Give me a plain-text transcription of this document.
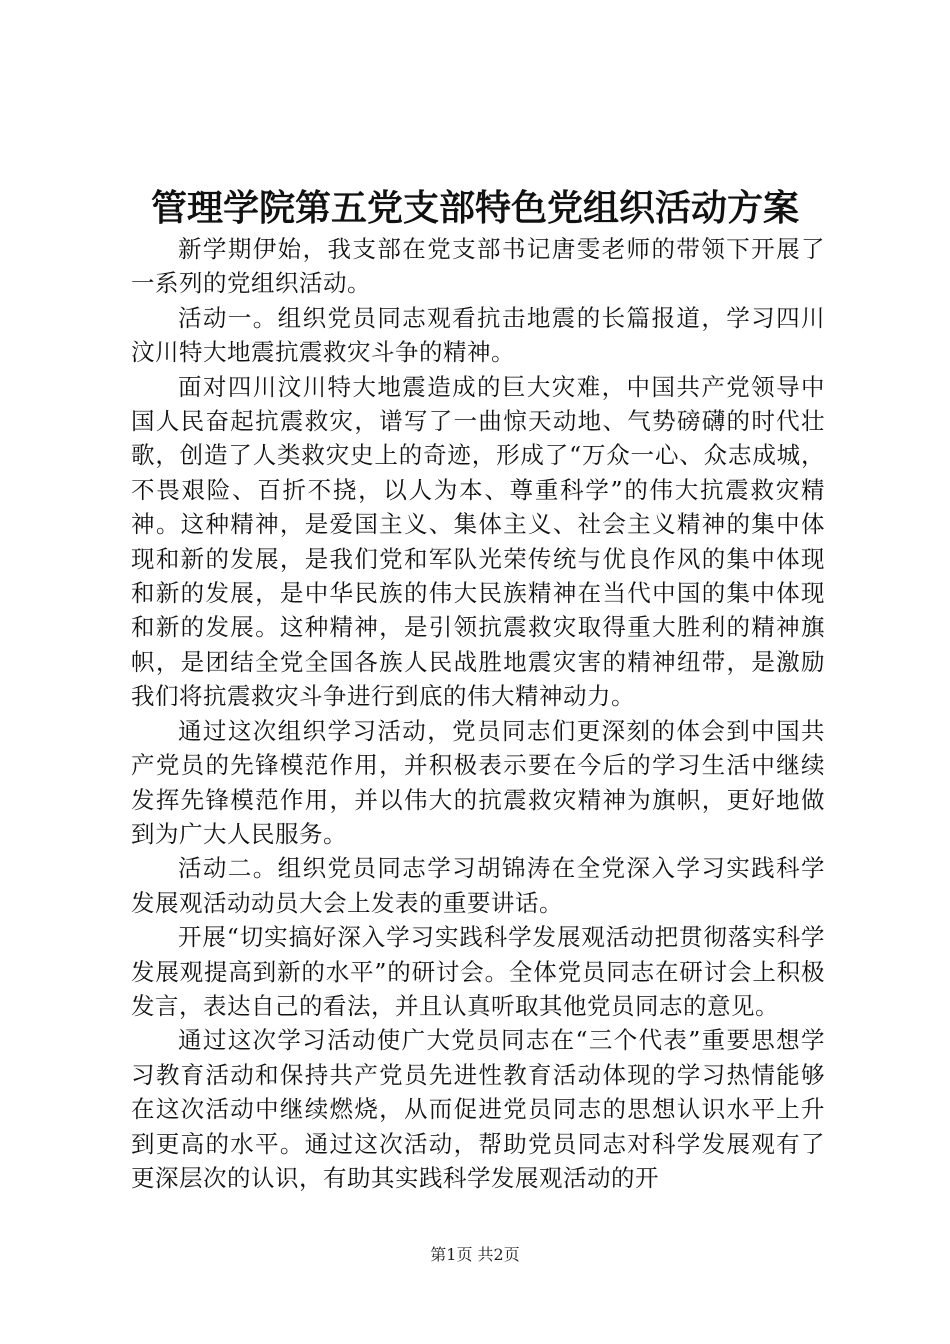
管理学院第五党支部特色党组织活动方案

新学期伊始，我支部在党支部书记唐雯老师的带领下开展了一系列的党组织活动。

活动一。组织党员同志观看抗击地震的长篇报道，学习四川汶川特大地震抗震救灾斗争的精神。

面对四川汶川特大地震造成的巨大灾难，中国共产党领导中国人民奋起抗震救灾，谱写了一曲惊天动地、气势磅礴的时代壮歌，创造了人类救灾史上的奇迹，形成了“万众一心、众志成城，不畏艰险、百折不挠，以人为本、尊重科学”的伟大抗震救灾精神。这种精神，是爱国主义、集体主义、社会主义精神的集中体现和新的发展，是我们党和军队光荣传统与优良作风的集中体现和新的发展，是中华民族的伟大民族精神在当代中国的集中体现和新的发展。这种精神，是引领抗震救灾取得重大胜利的精神旗帜，是团结全党全国各族人民战胜地震灾害的精神纽带，是激励我们将抗震救灾斗争进行到底的伟大精神动力。

通过这次组织学习活动，党员同志们更深刻的体会到中国共产党员的先锋模范作用，并积极表示要在今后的学习生活中继续发挥先锋模范作用，并以伟大的抗震救灾精神为旗帜，更好地做到为广大人民服务。

活动二。组织党员同志学习胡锦涛在全党深入学习实践科学发展观活动动员大会上发表的重要讲话。

开展“切实搞好深入学习实践科学发展观活动把贯彻落实科学发展观提高到新的水平”的研讨会。全体党员同志在研讨会上积极发言，表达自己的看法，并且认真听取其他党员同志的意见。

通过这次学习活动使广大党员同志在“三个代表”重要思想学习教育活动和保持共产党员先进性教育活动体现的学习热情能够在这次活动中继续燃烧，从而促进党员同志的思想认识水平上升到更高的水平。通过这次活动，帮助党员同志对科学发展观有了更深层次的认识，有助其实践科学发展观活动的开

第1页 共2页
